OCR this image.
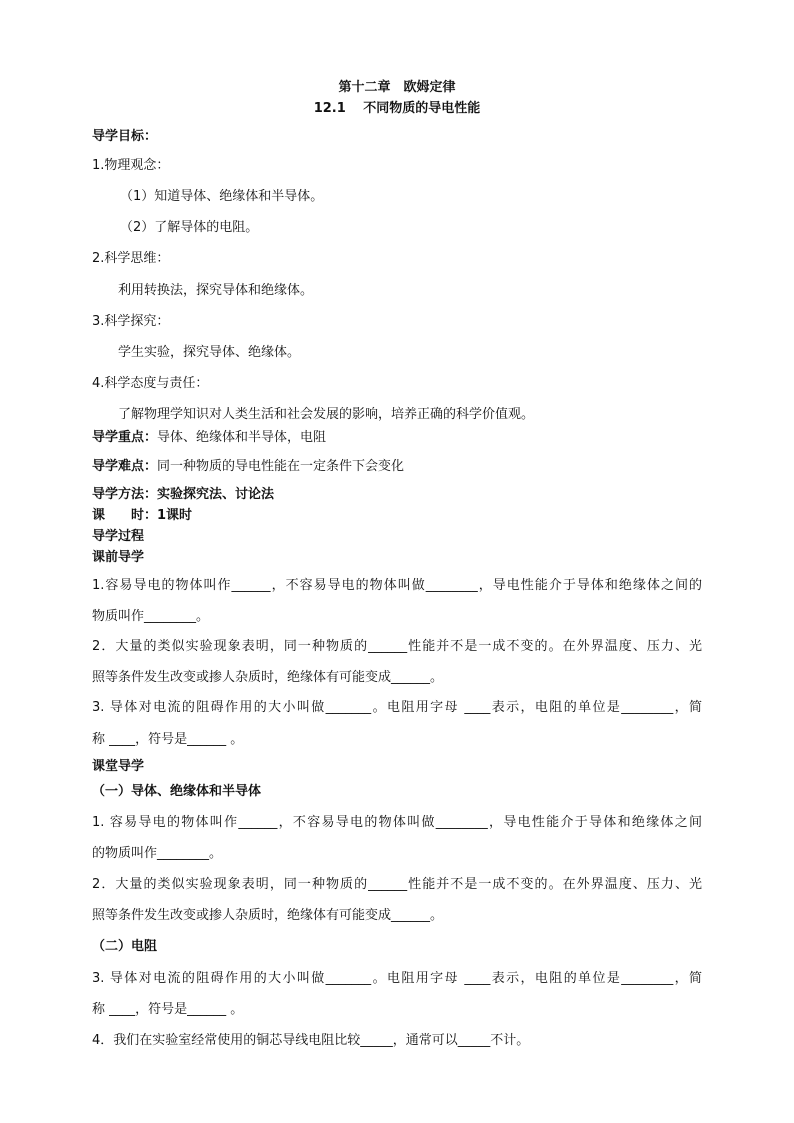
第十二章　欧姆定律
12.1　 不同物质的导电性能
导学目标：
1.物理观念：
（1）知道导体、绝缘体和半导体。
（2）了解导体的电阻。
2.科学思维：
利用转换法，探究导体和绝缘体。
3.科学探究：
学生实验，探究导体、绝缘体。
4.科学态度与责任：
了解物理学知识对人类生活和社会发展的影响，培养正确的科学价值观。
导学重点：导体、绝缘体和半导体，电阻
导学难点：同一种物质的导电性能在一定条件下会变化
导学方法：实验探究法、讨论法
课　　时：1课时
导学过程
课前导学
1.容易导电的物体叫作______，不容易导电的物体叫做________，导电性能介于导体和绝缘体之间的
物质叫作________。
2．大量的类似实验现象表明，同一种物质的______性能并不是一成不变的。在外界温度、压力、光
照等条件发生改变或掺人杂质时，绝缘体有可能变成______。
3. 导体对电流的阻碍作用的大小叫做_______。电阻用字母 ____表示，电阻的单位是________，简
称 ____，符号是______ 。
课堂导学
（一）导体、绝缘体和半导体
1. 容易导电的物体叫作______，不容易导电的物体叫做________，导电性能介于导体和绝缘体之间
的物质叫作________。
2．大量的类似实验现象表明，同一种物质的______性能并不是一成不变的。在外界温度、压力、光
照等条件发生改变或掺人杂质时，绝缘体有可能变成______。
（二）电阻
3. 导体对电流的阻碍作用的大小叫做_______。电阻用字母 ____表示，电阻的单位是________，简
称 ____，符号是______ 。
4．我们在实验室经常使用的铜芯导线电阻比较_____，通常可以_____不计。
